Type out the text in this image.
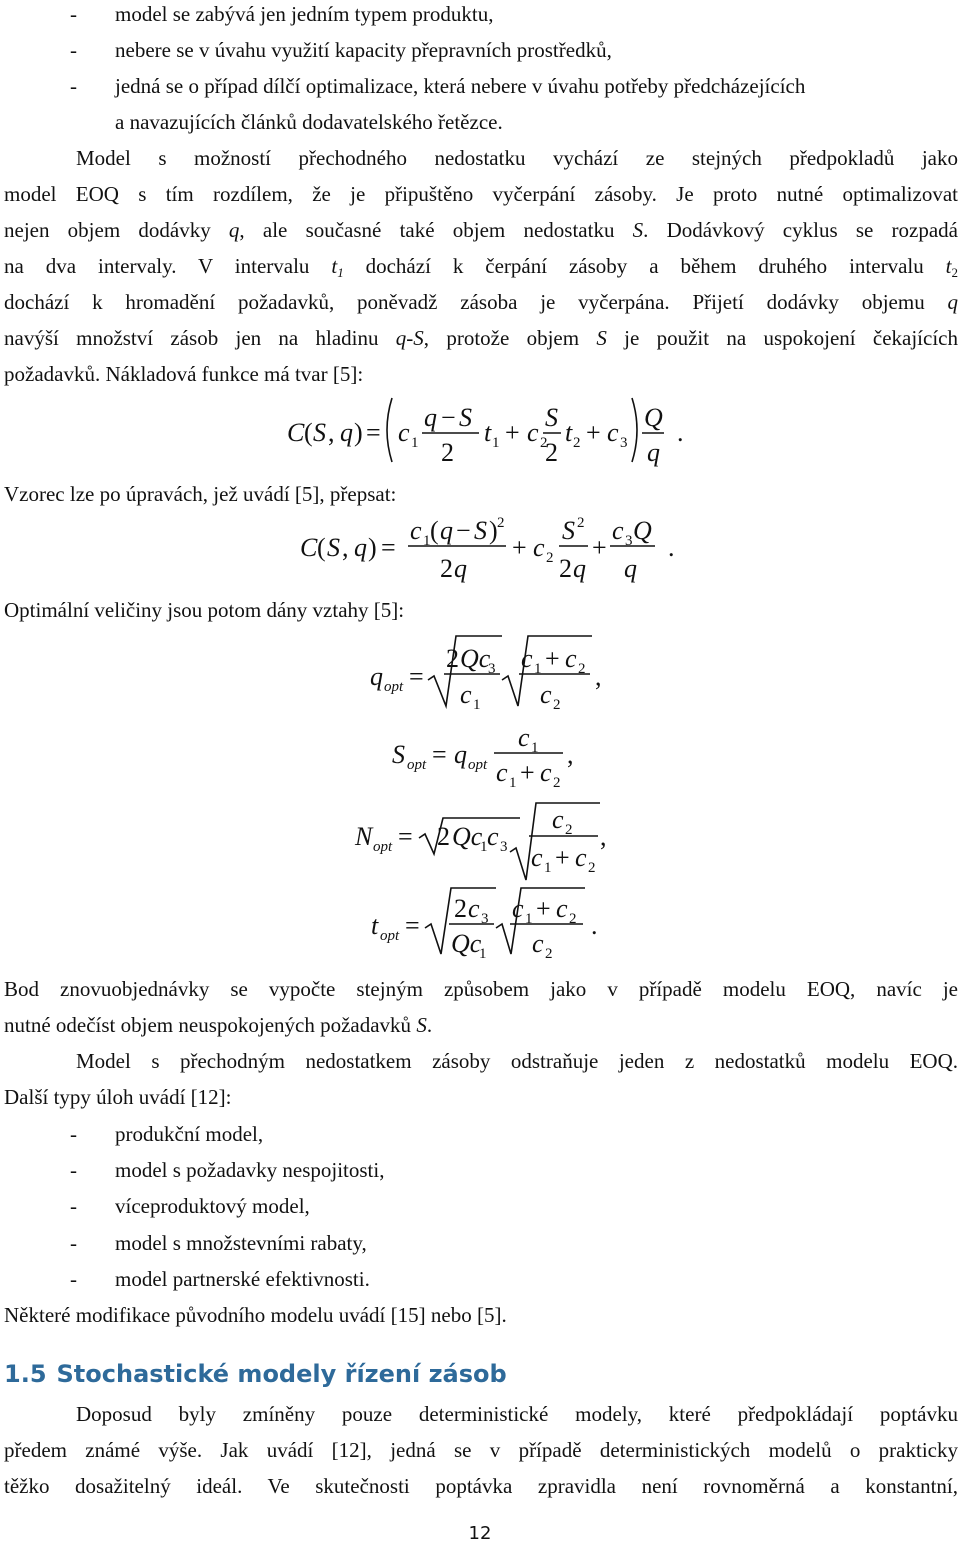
- model se zabývá jen jedním typem produktu,
- nebere se v úvahu využití kapacity přepravních prostředků,
- jedná se o případ dílčí optimalizace, která nebere v úvahu potřeby předcházejících
a navazujících článků dodavatelského řetězce.
Model s možností přechodného nedostatku vychází ze stejných předpokladů jako
model EOQ s tím rozdílem, že je připuštěno vyčerpání zásoby. Je proto nutné optimalizovat
nejen objem dodávky q, ale současné také objem nedostatku S. Dodávkový cyklus se rozpadá
na dva intervaly. V intervalu $t_1$ dochází k čerpání zásoby a během druhého intervalu $t_2$
dochází k hromadění požadavků, poněvadž zásoba je vyčerpána. Přijetí dodávky objemu q
navýší množství zásob jen na hladinu q-S, protože objem S je použit na uspokojení čekajících
požadavků. Nákladová funkce má tvar [5]:
Vzorec lze po úpravách, jež uvádí [5], přepsat:
Optimální veličiny jsou potom dány vztahy [5]:
C ( S , q ) = c 1
q − S
2
t 1 + c 2
S
2
t 2 + c 3
Q
q
.
C ( S , q ) =
c 1 ( q − S ) 2
2 q
+ c 2
S 2
2 q
+
c 3 Q
q
.
q opt =
2 Qc
3
c 1
c 1 + c 2
c 2
,
S opt = q opt
c 1
c 1 + c 2
,
N opt = 2 Qc
1 c 3
c 2
c 1 + c 2
,
t opt =
2 c 3
Qc
1
c 1 + c 2
c 2
.
Bod znovuobjednávky se vypočte stejným způsobem jako v případě modelu EOQ, navíc je
nutné odečíst objem neuspokojených požadavků S.
Model s přechodným nedostatkem zásoby odstraňuje jeden z nedostatků modelu EOQ.
Další typy úloh uvádí [12]:
- produkční model,
- model s požadavky nespojitosti,
- víceproduktový model,
- model s množstevními rabaty,
- model partnerské efektivnosti.
Některé modifikace původního modelu uvádí [15] nebo [5].
1.5 Stochastické modely řízení zásob
Doposud byly zmíněny pouze deterministické modely, které předpokládají poptávku
předem známé výše. Jak uvádí [12], jedná se v případě deterministických modelů o prakticky
těžko dosažitelný ideál. Ve skutečnosti poptávka zpravidla není rovnoměrná a konstantní,
12
